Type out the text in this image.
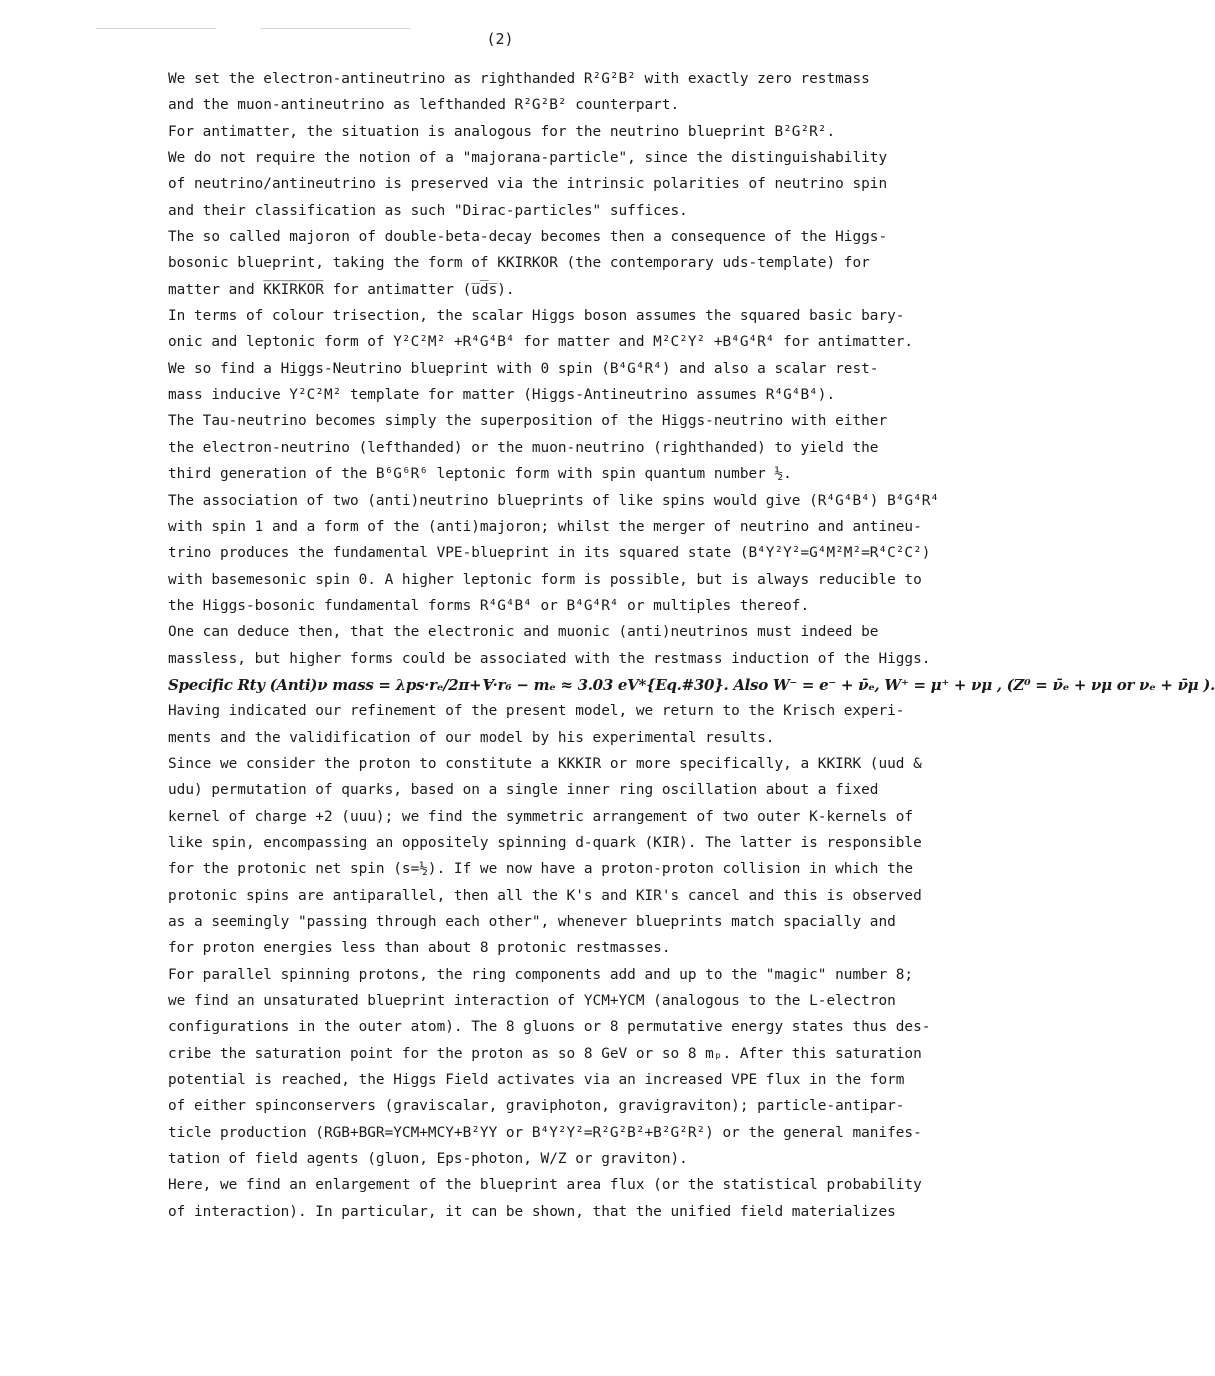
(2)
We set the electron-antineutrino as righthanded R²G²B² with exactly zero restmass
and the muon-antineutrino as lefthanded R²G²B² counterpart.
For antimatter, the situation is analogous for the neutrino blueprint B²G²R².
We do not require the notion of a "majorana-particle", since the distinguishability
of neutrino/antineutrino is preserved via the intrinsic polarities of neutrino spin
and their classification as such "Dirac-particles" suffices.
The so called majoron of double-beta-decay becomes then a consequence of the Higgs-
bosonic blueprint, taking the form of KKIRKOR (the contemporary uds-template) for
matter and K̅K̅I̅R̅K̅O̅R̅ for antimatter (u̅d̅s̅).
In terms of colour trisection, the scalar Higgs boson assumes the squared basic bary-
onic and leptonic form of Y²C²M² +R⁴G⁴B⁴ for matter and M²C²Y² +B⁴G⁴R⁴ for antimatter.
We so find a Higgs-Neutrino blueprint with 0 spin (B⁴G⁴R⁴) and also a scalar rest-
mass inducive Y²C²M² template for matter (Higgs-Antineutrino assumes R⁴G⁴B⁴).
The Tau-neutrino becomes simply the superposition of the Higgs-neutrino with either
the electron-neutrino (lefthanded) or the muon-neutrino (righthanded) to yield the
third generation of the B⁶G⁶R⁶ leptonic form with spin quantum number ½.
The association of two (anti)neutrino blueprints of like spins would give (R⁴G⁴B⁴) B⁴G⁴R⁴
with spin 1 and a form of the (anti)majoron; whilst the merger of neutrino and antineu-
trino produces the fundamental VPE-blueprint in its squared state (B⁴Y²Y²=G⁴M²M²=R⁴C²C²)
with basemesonic spin 0. A higher leptonic form is possible, but is always reducible to
the Higgs-bosonic fundamental forms R⁴G⁴B⁴ or B⁴G⁴R⁴ or multiples thereof.
One can deduce then, that the electronic and muonic (anti)neutrinos must indeed be
massless, but higher forms could be associated with the restmass induction of the Higgs.
Specific Rty (Anti)ν mass = λps·rₑ/2π+Ɐ·r₆ − mₑ ≈ 3.03 eV*{Eq.#30}. Also W⁻ = e⁻ + ν̄ₑ, W⁺ = μ⁺ + νμ , (Z⁰ = ν̄ₑ + νμ or νₑ + ν̄μ ).
Having indicated our refinement of the present model, we return to the Krisch experi-
ments and the validification of our model by his experimental results.
Since we consider the proton to constitute a KKKIR or more specifically, a KKIRK (uud &
udu) permutation of quarks, based on a single inner ring oscillation about a fixed
kernel of charge +2 (uuu); we find the symmetric arrangement of two outer K-kernels of
like spin, encompassing an oppositely spinning d-quark (KIR). The latter is responsible
for the protonic net spin (s=½). If we now have a proton-proton collision in which the
protonic spins are antiparallel, then all the K's and KIR's cancel and this is observed
as a seemingly "passing through each other", whenever blueprints match spacially and
for proton energies less than about 8 protonic restmasses.
For parallel spinning protons, the ring components add and up to the "magic" number 8;
we find an unsaturated blueprint interaction of YCM+YCM (analogous to the L-electron
configurations in the outer atom). The 8 gluons or 8 permutative energy states thus des-
cribe the saturation point for the proton as so 8 GeV or so 8 mₚ. After this saturation
potential is reached, the Higgs Field activates via an increased VPE flux in the form
of either spinconservers (graviscalar, graviphoton, gravigraviton); particle-antipar-
ticle production (RGB+BGR=YCM+MCY+B²YY or B⁴Y²Y²=R²G²B²+B²G²R²) or the general manifes-
tation of field agents (gluon, Eps-photon, W/Z or graviton).
Here, we find an enlargement of the blueprint area flux (or the statistical probability
of interaction). In particular, it can be shown, that the unified field materializes
